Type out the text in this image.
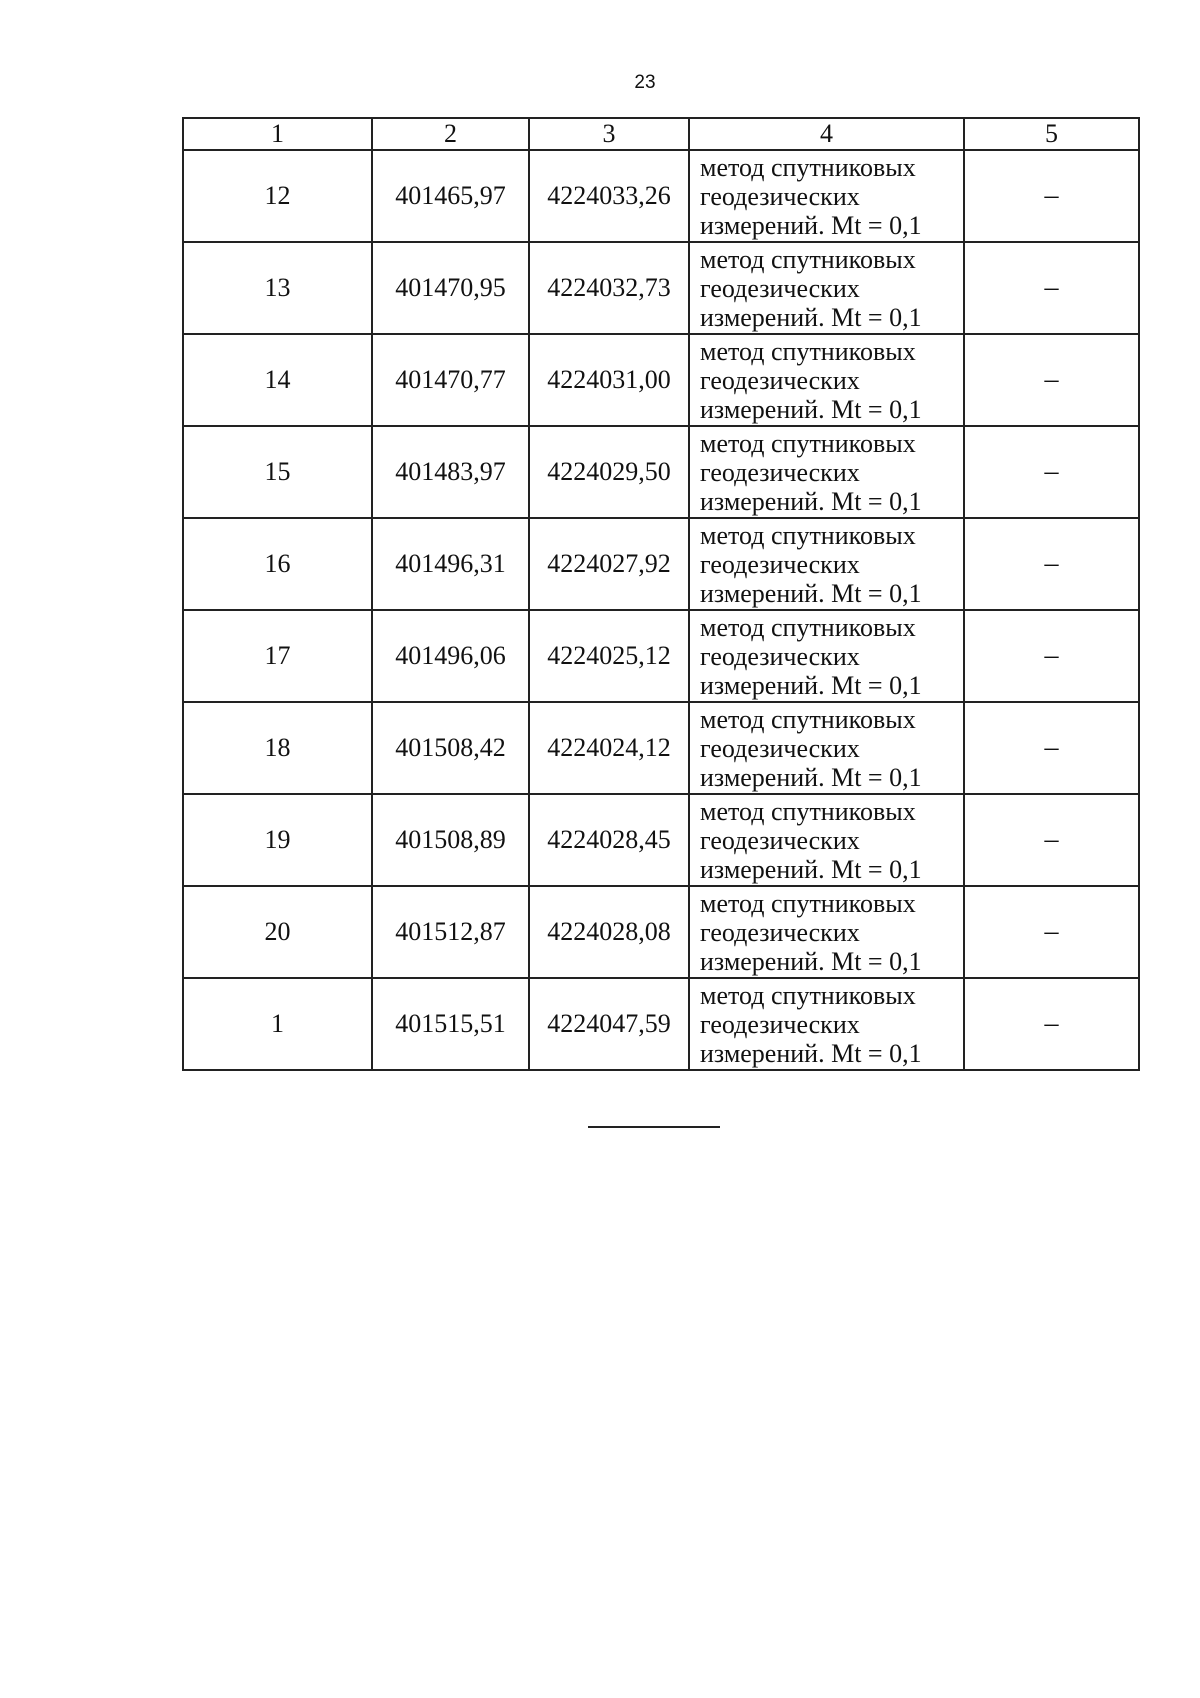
23
1	2	3	4	5
12	401465,97	4224033,26	метод спутниковых
геодезических
измерений. Mt = 0,1	–
13	401470,95	4224032,73	метод спутниковых
геодезических
измерений. Mt = 0,1	–
14	401470,77	4224031,00	метод спутниковых
геодезических
измерений. Mt = 0,1	–
15	401483,97	4224029,50	метод спутниковых
геодезических
измерений. Mt = 0,1	–
16	401496,31	4224027,92	метод спутниковых
геодезических
измерений. Mt = 0,1	–
17	401496,06	4224025,12	метод спутниковых
геодезических
измерений. Mt = 0,1	–
18	401508,42	4224024,12	метод спутниковых
геодезических
измерений. Mt = 0,1	–
19	401508,89	4224028,45	метод спутниковых
геодезических
измерений. Mt = 0,1	–
20	401512,87	4224028,08	метод спутниковых
геодезических
измерений. Mt = 0,1	–
1	401515,51	4224047,59	метод спутниковых
геодезических
измерений. Mt = 0,1	–
